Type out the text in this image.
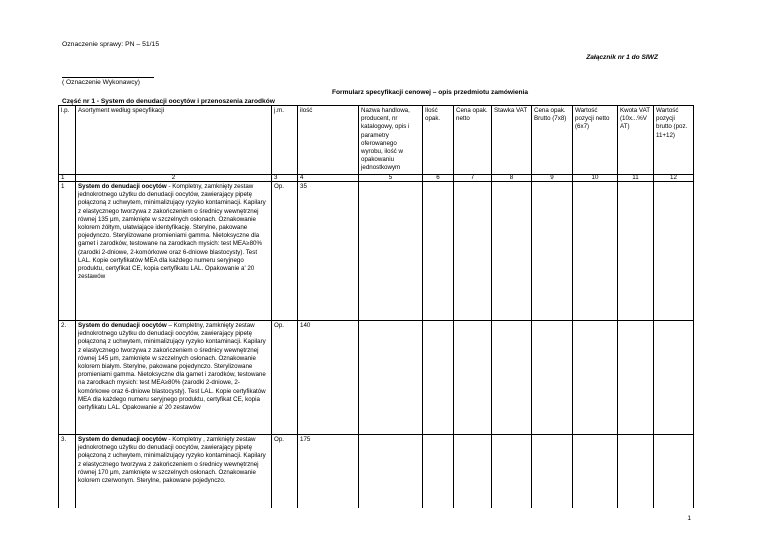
Oznaczenie sprawy: PN – 51/15
Załącznik nr 1 do SIWZ
( Oznaczenie Wykonawcy)
Formularz specyfikacji cenowej – opis przedmiotu zamówienia
Część nr 1 - System do denudacji oocytów i przenoszenia zarodków
l.p.	Asortyment według specyfikacji	j.m.	ilość	Nazwa handlowa, producent, nr katalogowy, opis i parametry oferowanego wyrobu, ilość w opakowaniu jednostkowym	Ilość opak.	Cena opak. netto	Stawka VAT	Cena opak. Brutto (7x8)	Wartość pozycji netto (6x7)	Kwota VAT (10x...%V AT)	Wartość pozycji brutto (poz. 11+12)
1	2	3	4	5	6	7	8	9	10	11	12
1	System do denudacji oocytów - Kompletny, zamknięty zestaw jednokrotnego użytku do denudacji oocytów, zawierający pipetę połączoną z uchwytem, minimalizujący ryzyko kontaminacji. Kapilary z elastycznego tworzywa z zakończeniem o średnicy wewnętrznej równej 135 μm, zamknięte w szczelnych osłonach. Oznakowanie kolorem żółtym, ułatwiające identyfikację. Sterylne, pakowane pojedynczo. Sterylizowane promieniami gamma. Nietoksyczne dla gamet i zarodków, testowane na zarodkach mysich: test MEA≥80% (zarodki 2-dniowe, 2-komórkowe oraz 6-dniowe blastocysty). Test LAL. Kopie certyfikatów MEA dla każdego numeru seryjnego produktu, certyfikat CE, kopia certyfikatu LAL. Opakowanie a' 20 zestawów	Op.	35								
2.	System do denudacji oocytów – Kompletny, zamknięty zestaw jednokrotnego użytku do denudacji oocytów, zawierający pipetę połączoną z uchwytem, minimalizujący ryzyko kontaminacji. Kapilary z elastycznego tworzywa z zakończeniem o średnicy wewnętrznej równej 145 μm, zamknięte w szczelnych osłonach. Oznakowanie kolorem białym. Sterylne, pakowane pojedynczo. Sterylizowane promieniami gamma. Nietoksyczne dla gamet i zarodków, testowane na zarodkach mysich: test MEA≥80% (zarodki 2-dniowe, 2-komórkowe oraz 6-dniowe blastocysty). Test LAL. Kopie certyfikatów MEA dla każdego numeru seryjnego produktu, certyfikat CE, kopia certyfikatu LAL. Opakowanie a' 20 zestawów	Op.	140								
3.	System do denudacji oocytów - Kompletny , zamknięty zestaw jednokrotnego użytku do denudacji oocytów, zawierający pipetę połączoną z uchwytem, minimalizujący ryzyko kontaminacji. Kapilary z elastycznego tworzywa z zakończeniem o średnicy wewnętrznej równej 170 μm, zamknięte w szczelnych osłonach. Oznakowanie kolorem czerwonym. Sterylne, pakowane pojedynczo.	Op.	175								
1
